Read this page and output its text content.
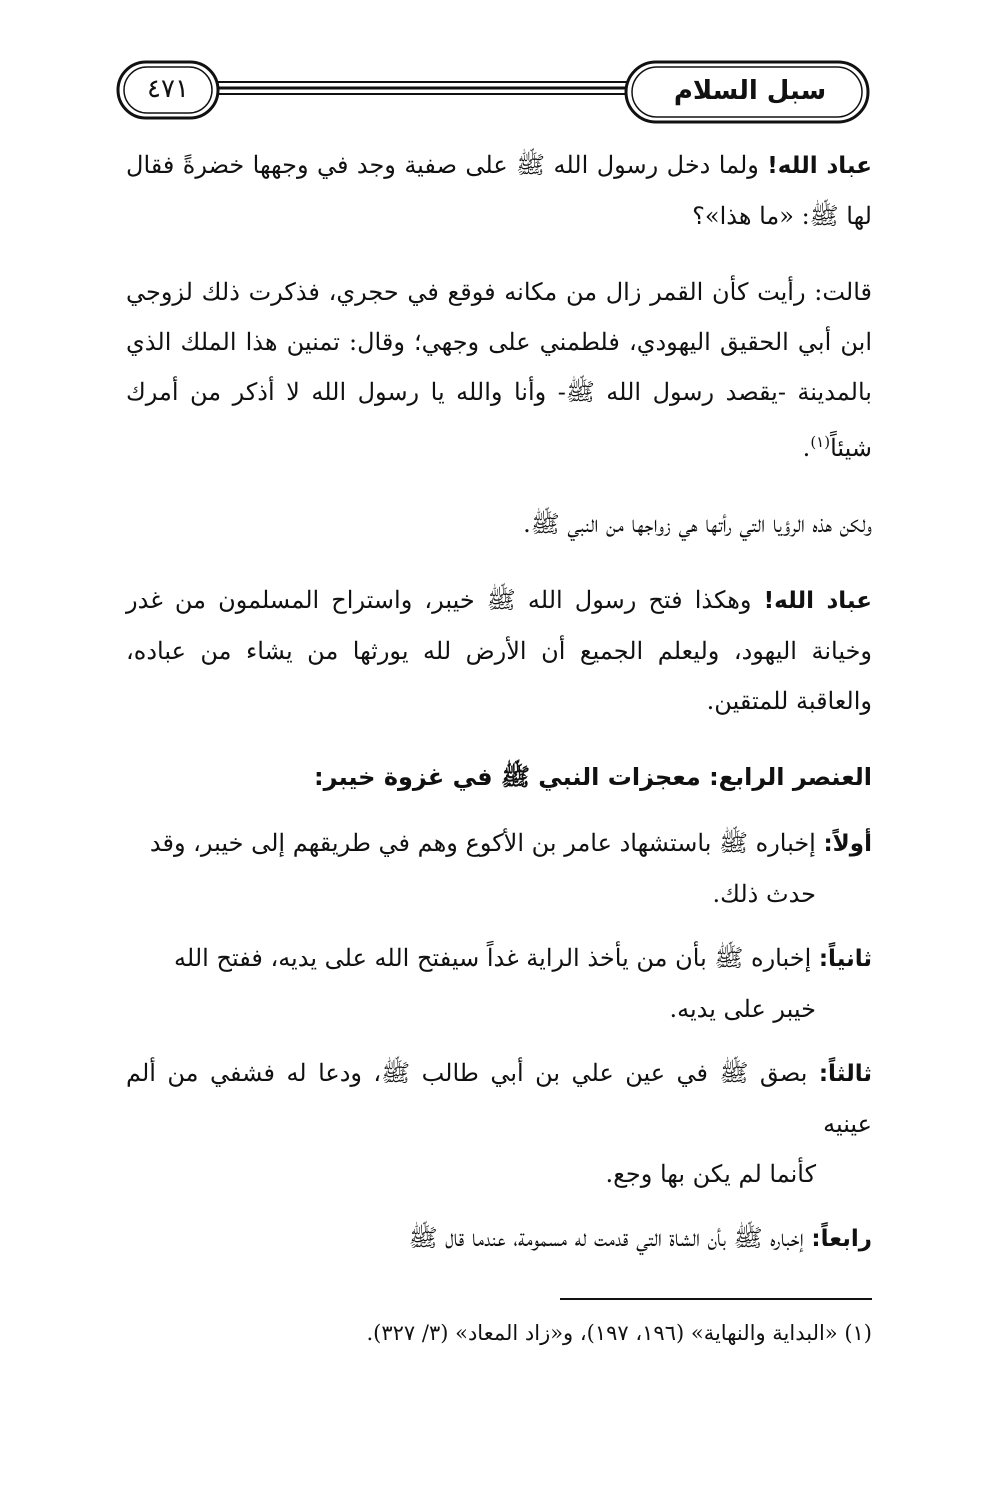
سبل السلام
٤٧١

عباد الله! ولما دخل رسول الله ﷺ على صفية وجد في وجهها خضرةً فقال لها ﷺ: «ما هذا»؟

قالت: رأيت كأن القمر زال من مكانه فوقع في حجري، فذكرت ذلك لزوجي ابن أبي الحقيق اليهودي، فلطمني على وجهي؛ وقال: تمنين هذا الملك الذي بالمدينة -يقصد رسول الله ﷺ- وأنا والله يا رسول الله لا أذكر من أمرك شيئاً$^{(١)}$.

ولكن هذه الرؤيا التي رأتها هي زواجها من النبي ﷺ.

عباد الله! وهكذا فتح رسول الله ﷺ خيبر، واستراح المسلمون من غدر وخيانة اليهود، وليعلم الجميع أن الأرض لله يورثها من يشاء من عباده، والعاقبة للمتقين.

العنصر الرابع: معجزات النبي ﷺ في غزوة خيبر:

أولاً: إخباره ﷺ باستشهاد عامر بن الأكوع وهم في طريقهم إلى خيبر، وقد
حدث ذلك.

ثانياً: إخباره ﷺ بأن من يأخذ الراية غداً سيفتح الله على يديه، ففتح الله
خيبر على يديه.

ثالثاً: بصق ﷺ في عين علي بن أبي طالب ﷺ، ودعا له فشفي من ألم عينيه
كأنما لم يكن بها وجع.

رابعاً: إخباره ﷺ بأن الشاة التي قدمت له مسمومة، عندما قال ﷺ

(١) «البداية والنهاية» (١٩٦، ١٩٧)، و«زاد المعاد» (٣/ ٣٢٧).
